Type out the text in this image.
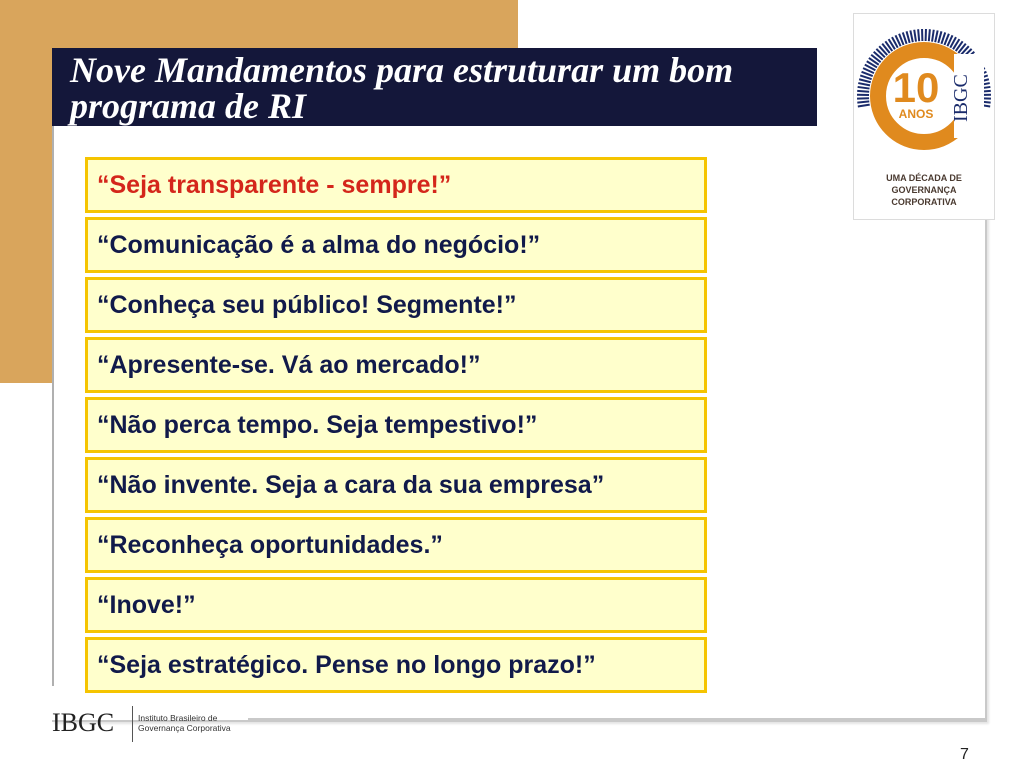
Nove Mandamentos para estruturar um bom programa de RI
“Seja transparente - sempre!”
“Comunicação é a alma do negócio!”
“Conheça seu público! Segmente!”
“Apresente-se. Vá ao mercado!”
“Não perca tempo. Seja tempestivo!”
“Não invente. Seja a cara da sua empresa”
“Reconheça oportunidades.”
“Inove!”
“Seja estratégico. Pense no longo prazo!”
10
ANOS IBGC
UMA DÉCADA DE
GOVERNANÇA
CORPORATIVA
IBGC	Instituto Brasileiro de
Governança Corporativa
7
